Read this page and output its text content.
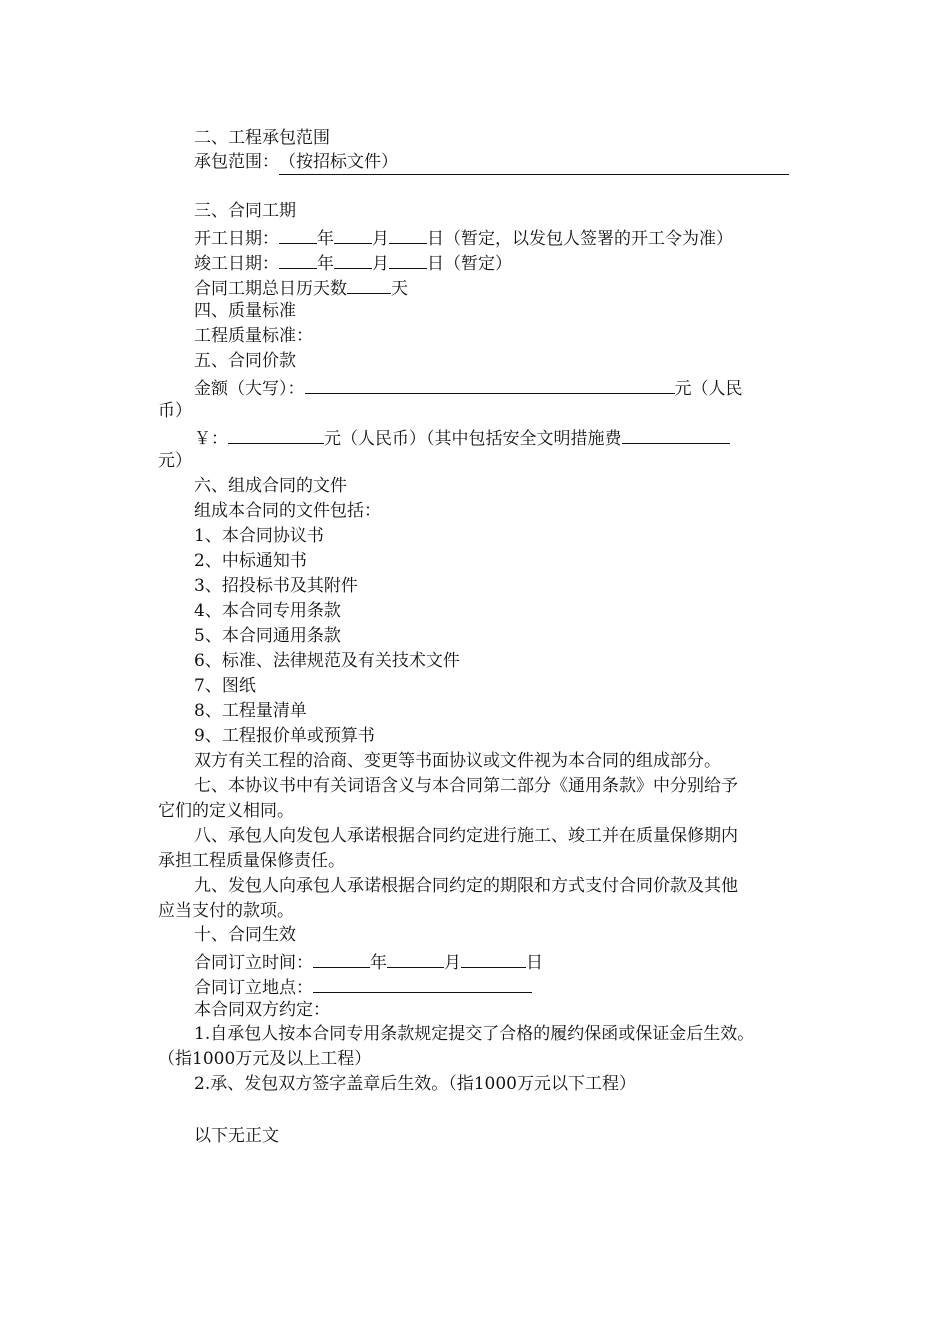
二、工程承包范围
承包范围：（按招标文件）
三、合同工期
开工日期： 年 月 日（暂定，以发包人签署的开工令为准）
竣工日期： 年 月 日（暂定）
合同工期总日历天数	天
四、质量标准
工程质量标准：
五、合同价款
金额（大写）：	元（人民
币）
￥：	元（人民币）（其中包括安全文明措施费
元）
六、组成合同的文件
组成本合同的文件包括：
1、本合同协议书
2、中标通知书
3、招投标书及其附件
4、本合同专用条款
5、本合同通用条款
6、标准、法律规范及有关技术文件
7、图纸
8、工程量清单
9、工程报价单或预算书
双方有关工程的洽商、变更等书面协议或文件视为本合同的组成部分。
七、本协议书中有关词语含义与本合同第二部分《通用条款》中分别给予
它们的定义相同。
八、承包人向发包人承诺根据合同约定进行施工、竣工并在质量保修期内
承担工程质量保修责任。
九、发包人向承包人承诺根据合同约定的期限和方式支付合同价款及其他
应当支付的款项。
十、合同生效
合同订立时间：	年	月	日
合同订立地点：
本合同双方约定：
1.自承包人按本合同专用条款规定提交了合格的履约保函或保证金后生效。
（指1000万元及以上工程）
2.承、发包双方签字盖章后生效。（指1000万元以下工程）
以下无正文
